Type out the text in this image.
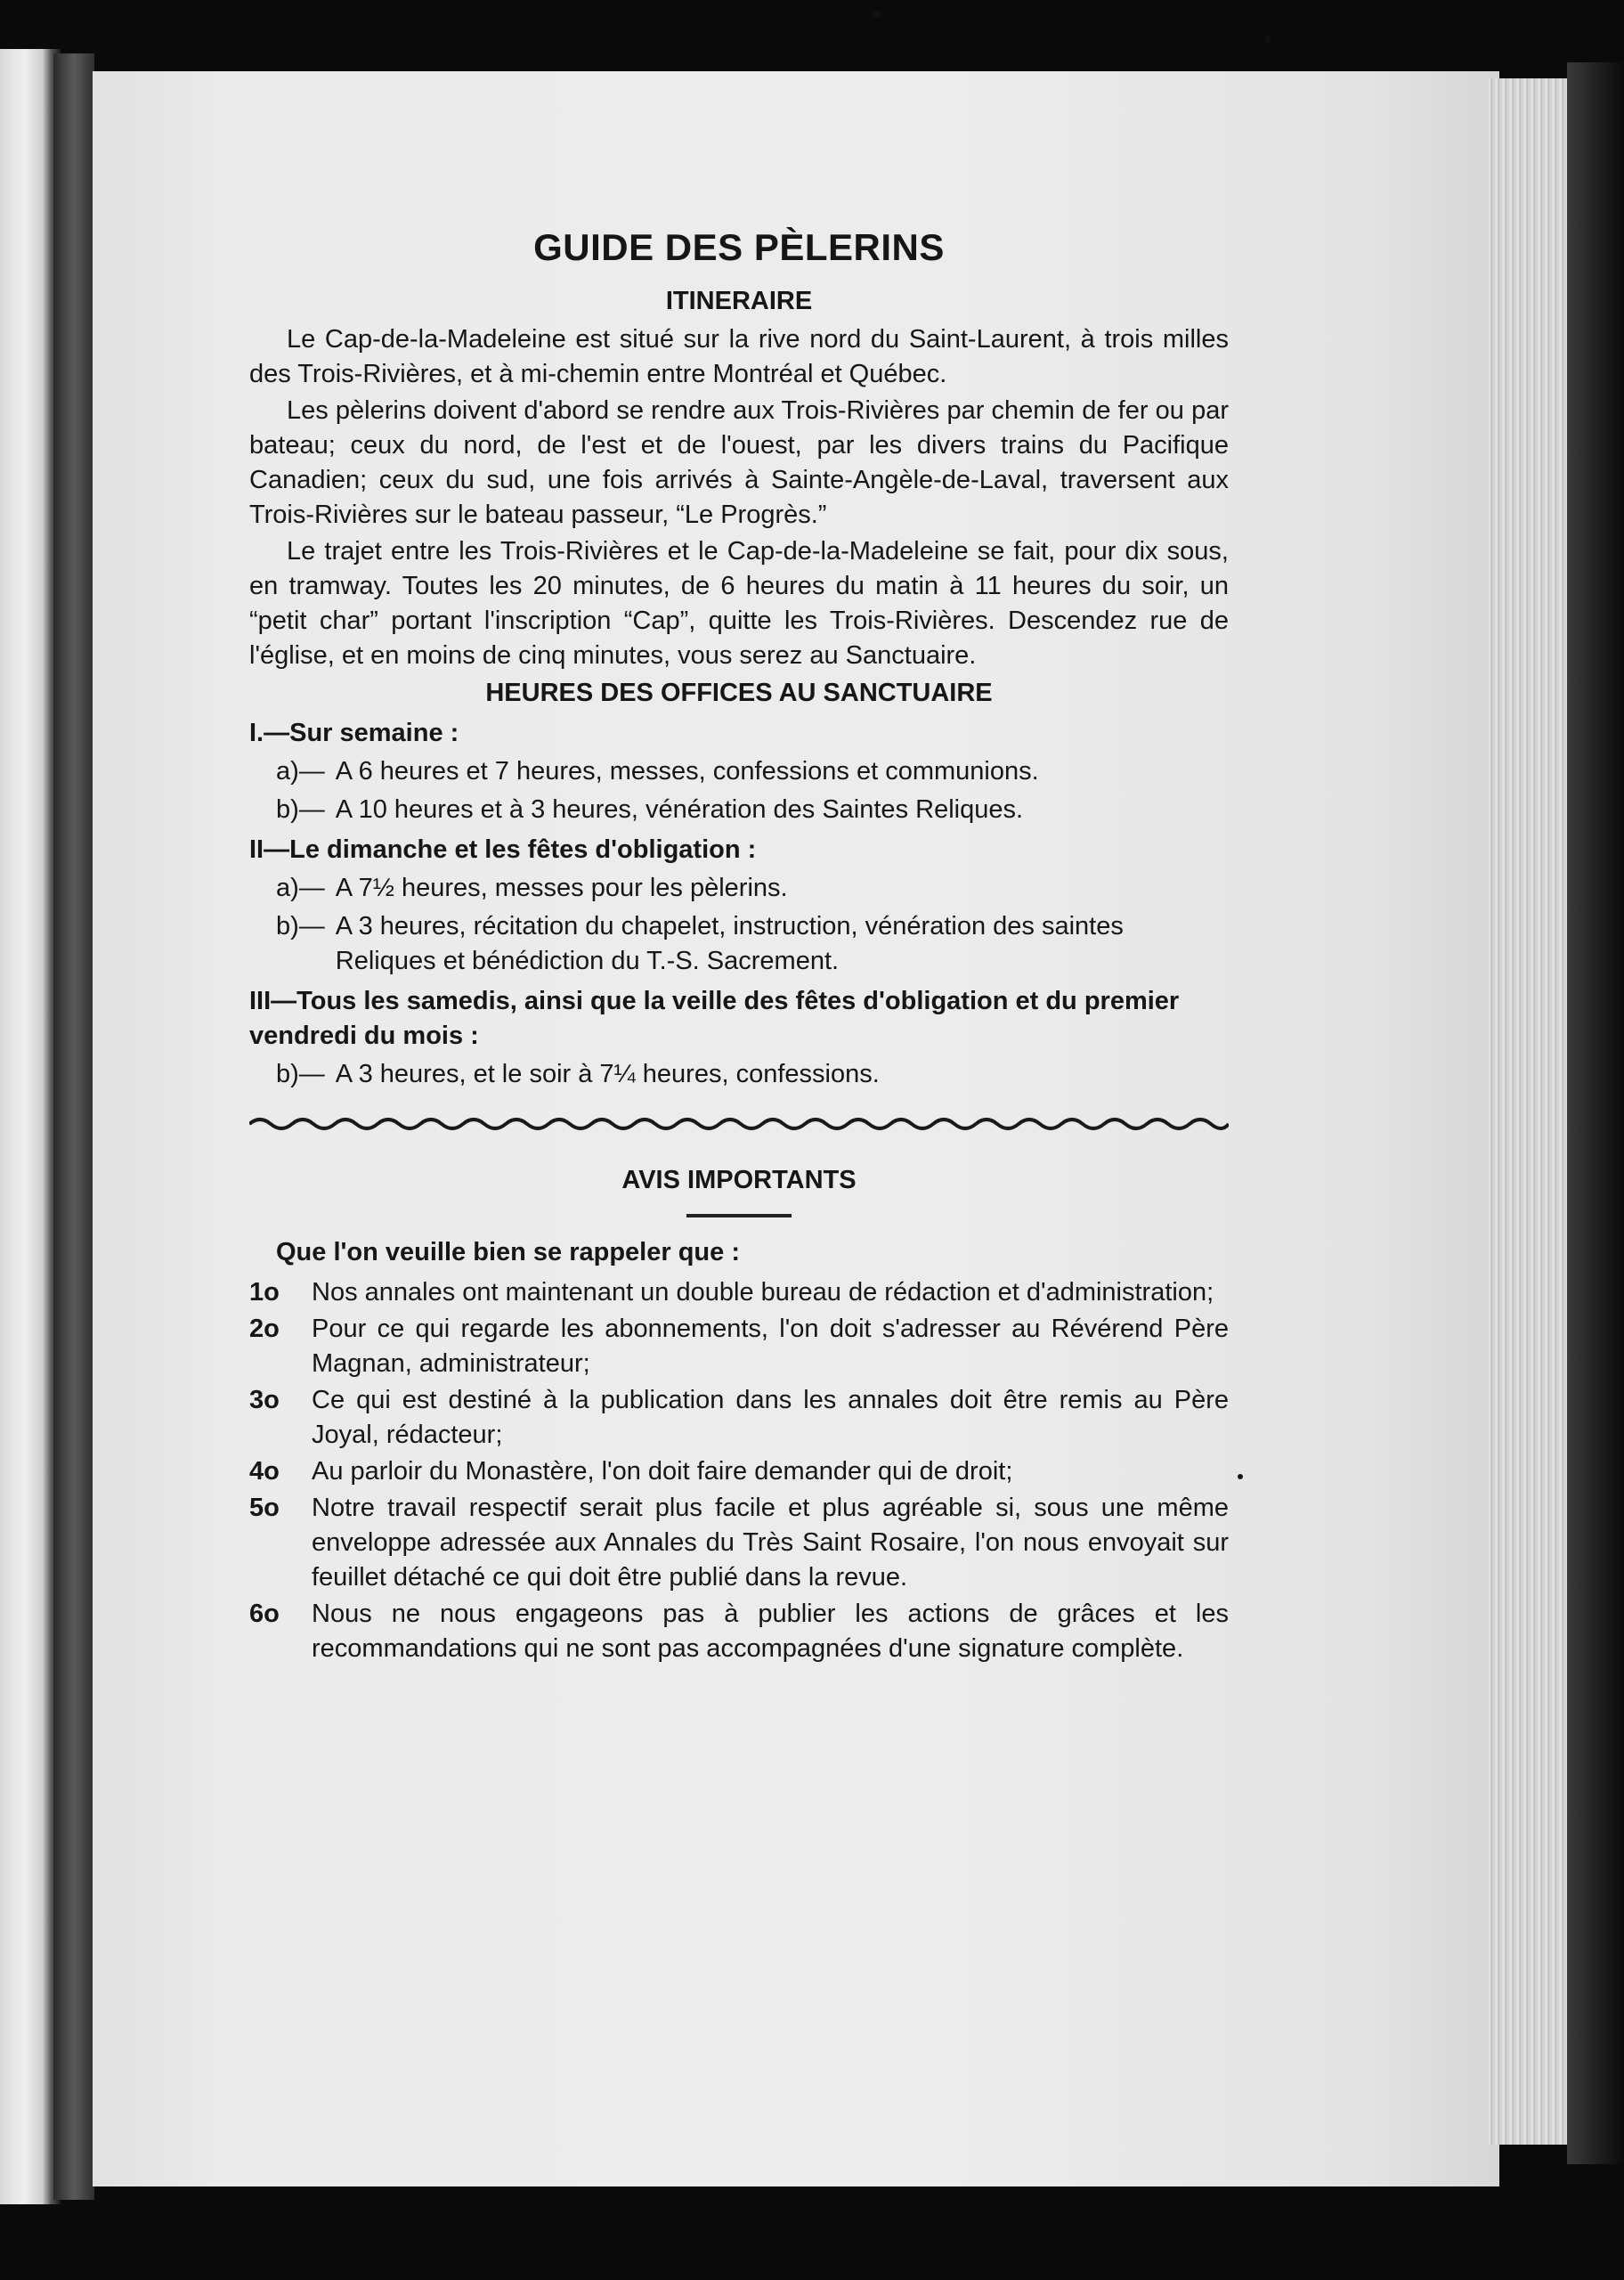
GUIDE DES PÈLERINS
ITINERAIRE

Le Cap-de-la-Madeleine est situé sur la rive nord du Saint-Laurent, à trois milles des Trois-Rivières, et à mi-chemin entre Montréal et Québec.

Les pèlerins doivent d'abord se rendre aux Trois-Rivières par chemin de fer ou par bateau; ceux du nord, de l'est et de l'ouest, par les divers trains du Pacifique Canadien; ceux du sud, une fois arrivés à Sainte-Angèle-de-Laval, traversent aux Trois-Rivières sur le bateau passeur, “Le Progrès.”

Le trajet entre les Trois-Rivières et le Cap-de-la-Madeleine se fait, pour dix sous, en tramway. Toutes les 20 minutes, de 6 heures du matin à 11 heures du soir, un “petit char” portant l'inscription “Cap”, quitte les Trois-Rivières. Descendez rue de l'église, et en moins de cinq minutes, vous serez au Sanctuaire.

HEURES DES OFFICES AU SANCTUAIRE
I.—Sur semaine :
a)— A 6 heures et 7 heures, messes, confessions et communions.
b)— A 10 heures et à 3 heures, vénération des Saintes Reliques.
II—Le dimanche et les fêtes d'obligation :
a)— A 7½ heures, messes pour les pèlerins.
b)— A 3 heures, récitation du chapelet, instruction, vénération des saintes Reliques et bénédiction du T.-S. Sacrement.
III—Tous les samedis, ainsi que la veille des fêtes d'obligation et du premier vendredi du mois :
b)— A 3 heures, et le soir à 7¼ heures, confessions.
AVIS IMPORTANTS
Que l'on veuille bien se rappeler que :
1o	Nos annales ont maintenant un double bureau de rédaction et d'administration;
2o	Pour ce qui regarde les abonnements, l'on doit s'adresser au Révérend Père Magnan, administrateur;
3o	Ce qui est destiné à la publication dans les annales doit être remis au Père Joyal, rédacteur;
4o	Au parloir du Monastère, l'on doit faire demander qui de droit;
5o	Notre travail respectif serait plus facile et plus agréable si, sous une même enveloppe adressée aux Annales du Très Saint Rosaire, l'on nous envoyait sur feuillet détaché ce qui doit être publié dans la revue.
6o	Nous ne nous engageons pas à publier les actions de grâces et les recommandations qui ne sont pas accompagnées d'une signature complète.
